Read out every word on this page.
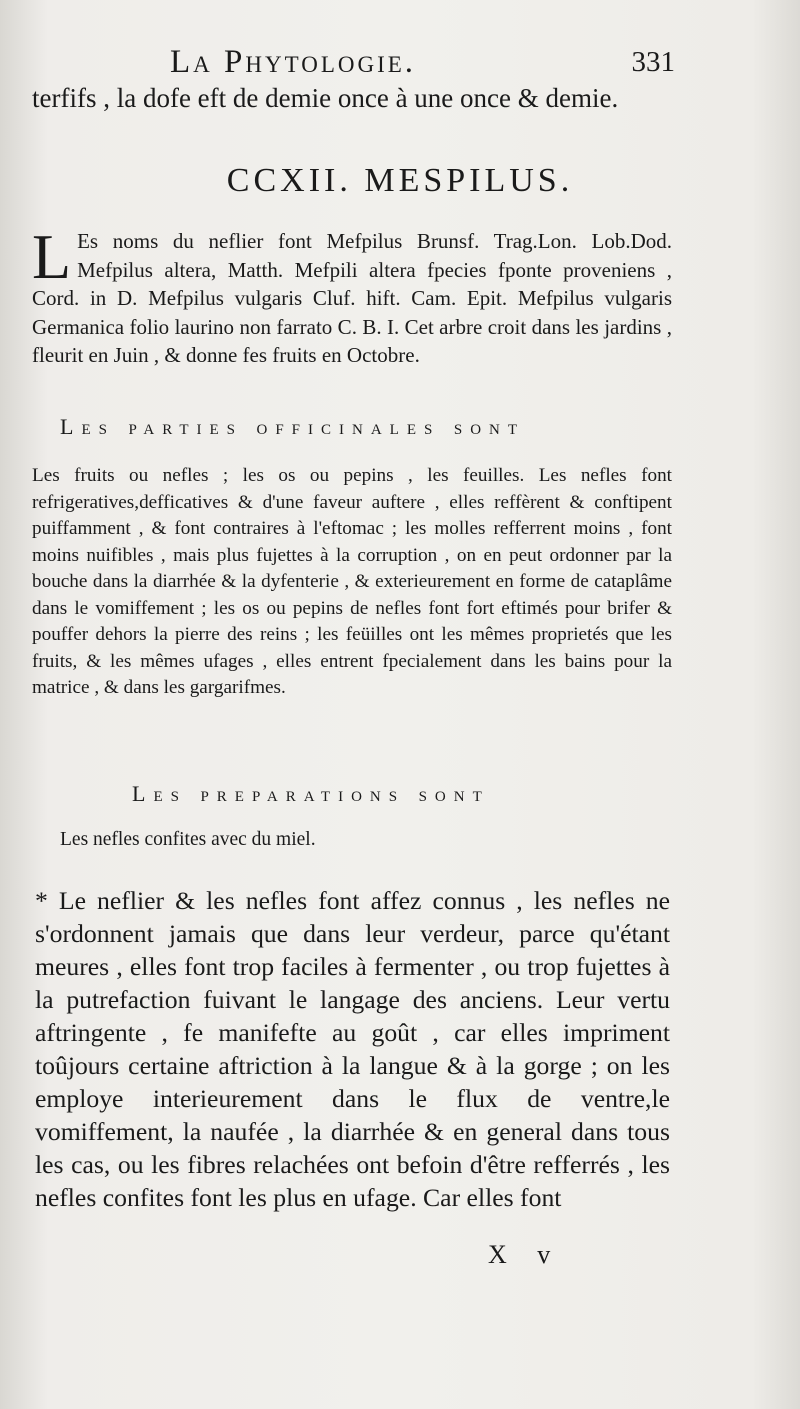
La Phytologie.	331

terfifs , la dofe eft de demie once à une once & demie.

CCXII. MESPILUS.

L Es noms du neflier font Mefpilus Brunsf. Trag.Lon. Lob.Dod. Mefpilus altera, Matth. Mefpili altera fpecies fponte proveniens , Cord. in D. Mefpilus vulgaris Cluf. hift. Cam. Epit. Mefpilus vulgaris Germanica folio laurino non farrato C. B. I. Cet arbre croit dans les jardins , fleurit en Juin , & donne fes fruits en Octobre.

Les parties officinales sont

Les fruits ou nefles ; les os ou pepins , les feuilles. Les nefles font refrigeratives,defficatives & d'une faveur auftere , elles reffèrent & conftipent puiffamment , & font contraires à l'eftomac ; les molles refferrent moins , font moins nuifibles , mais plus fujettes à la corruption , on en peut ordonner par la bouche dans la diarrhée & la dyfenterie , & exterieurement en forme de cataplâme dans le vomiffement ; les os ou pepins de nefles font fort eftimés pour brifer & pouffer dehors la pierre des reins ; les feüilles ont les mêmes proprietés que les fruits, & les mêmes ufages , elles entrent fpecialement dans les bains pour la matrice , & dans les gargarifmes.

Les preparations sont

Les nefles confites avec du miel.

* Le neflier & les nefles font affez connus , les nefles ne s'ordonnent jamais que dans leur verdeur, parce qu'étant meures , elles font trop faciles à fermenter , ou trop fujettes à la putrefaction fuivant le langage des anciens. Leur vertu aftringente , fe manifefte au goût , car elles impriment toûjours certaine aftriction à la langue & à la gorge ; on les employe interieurement dans le flux de ventre,le vomiffement, la naufée , la diarrhée & en general dans tous les cas, ou les fibres relachées ont befoin d'être refferrés , les nefles confites font les plus en ufage. Car elles font

X v
